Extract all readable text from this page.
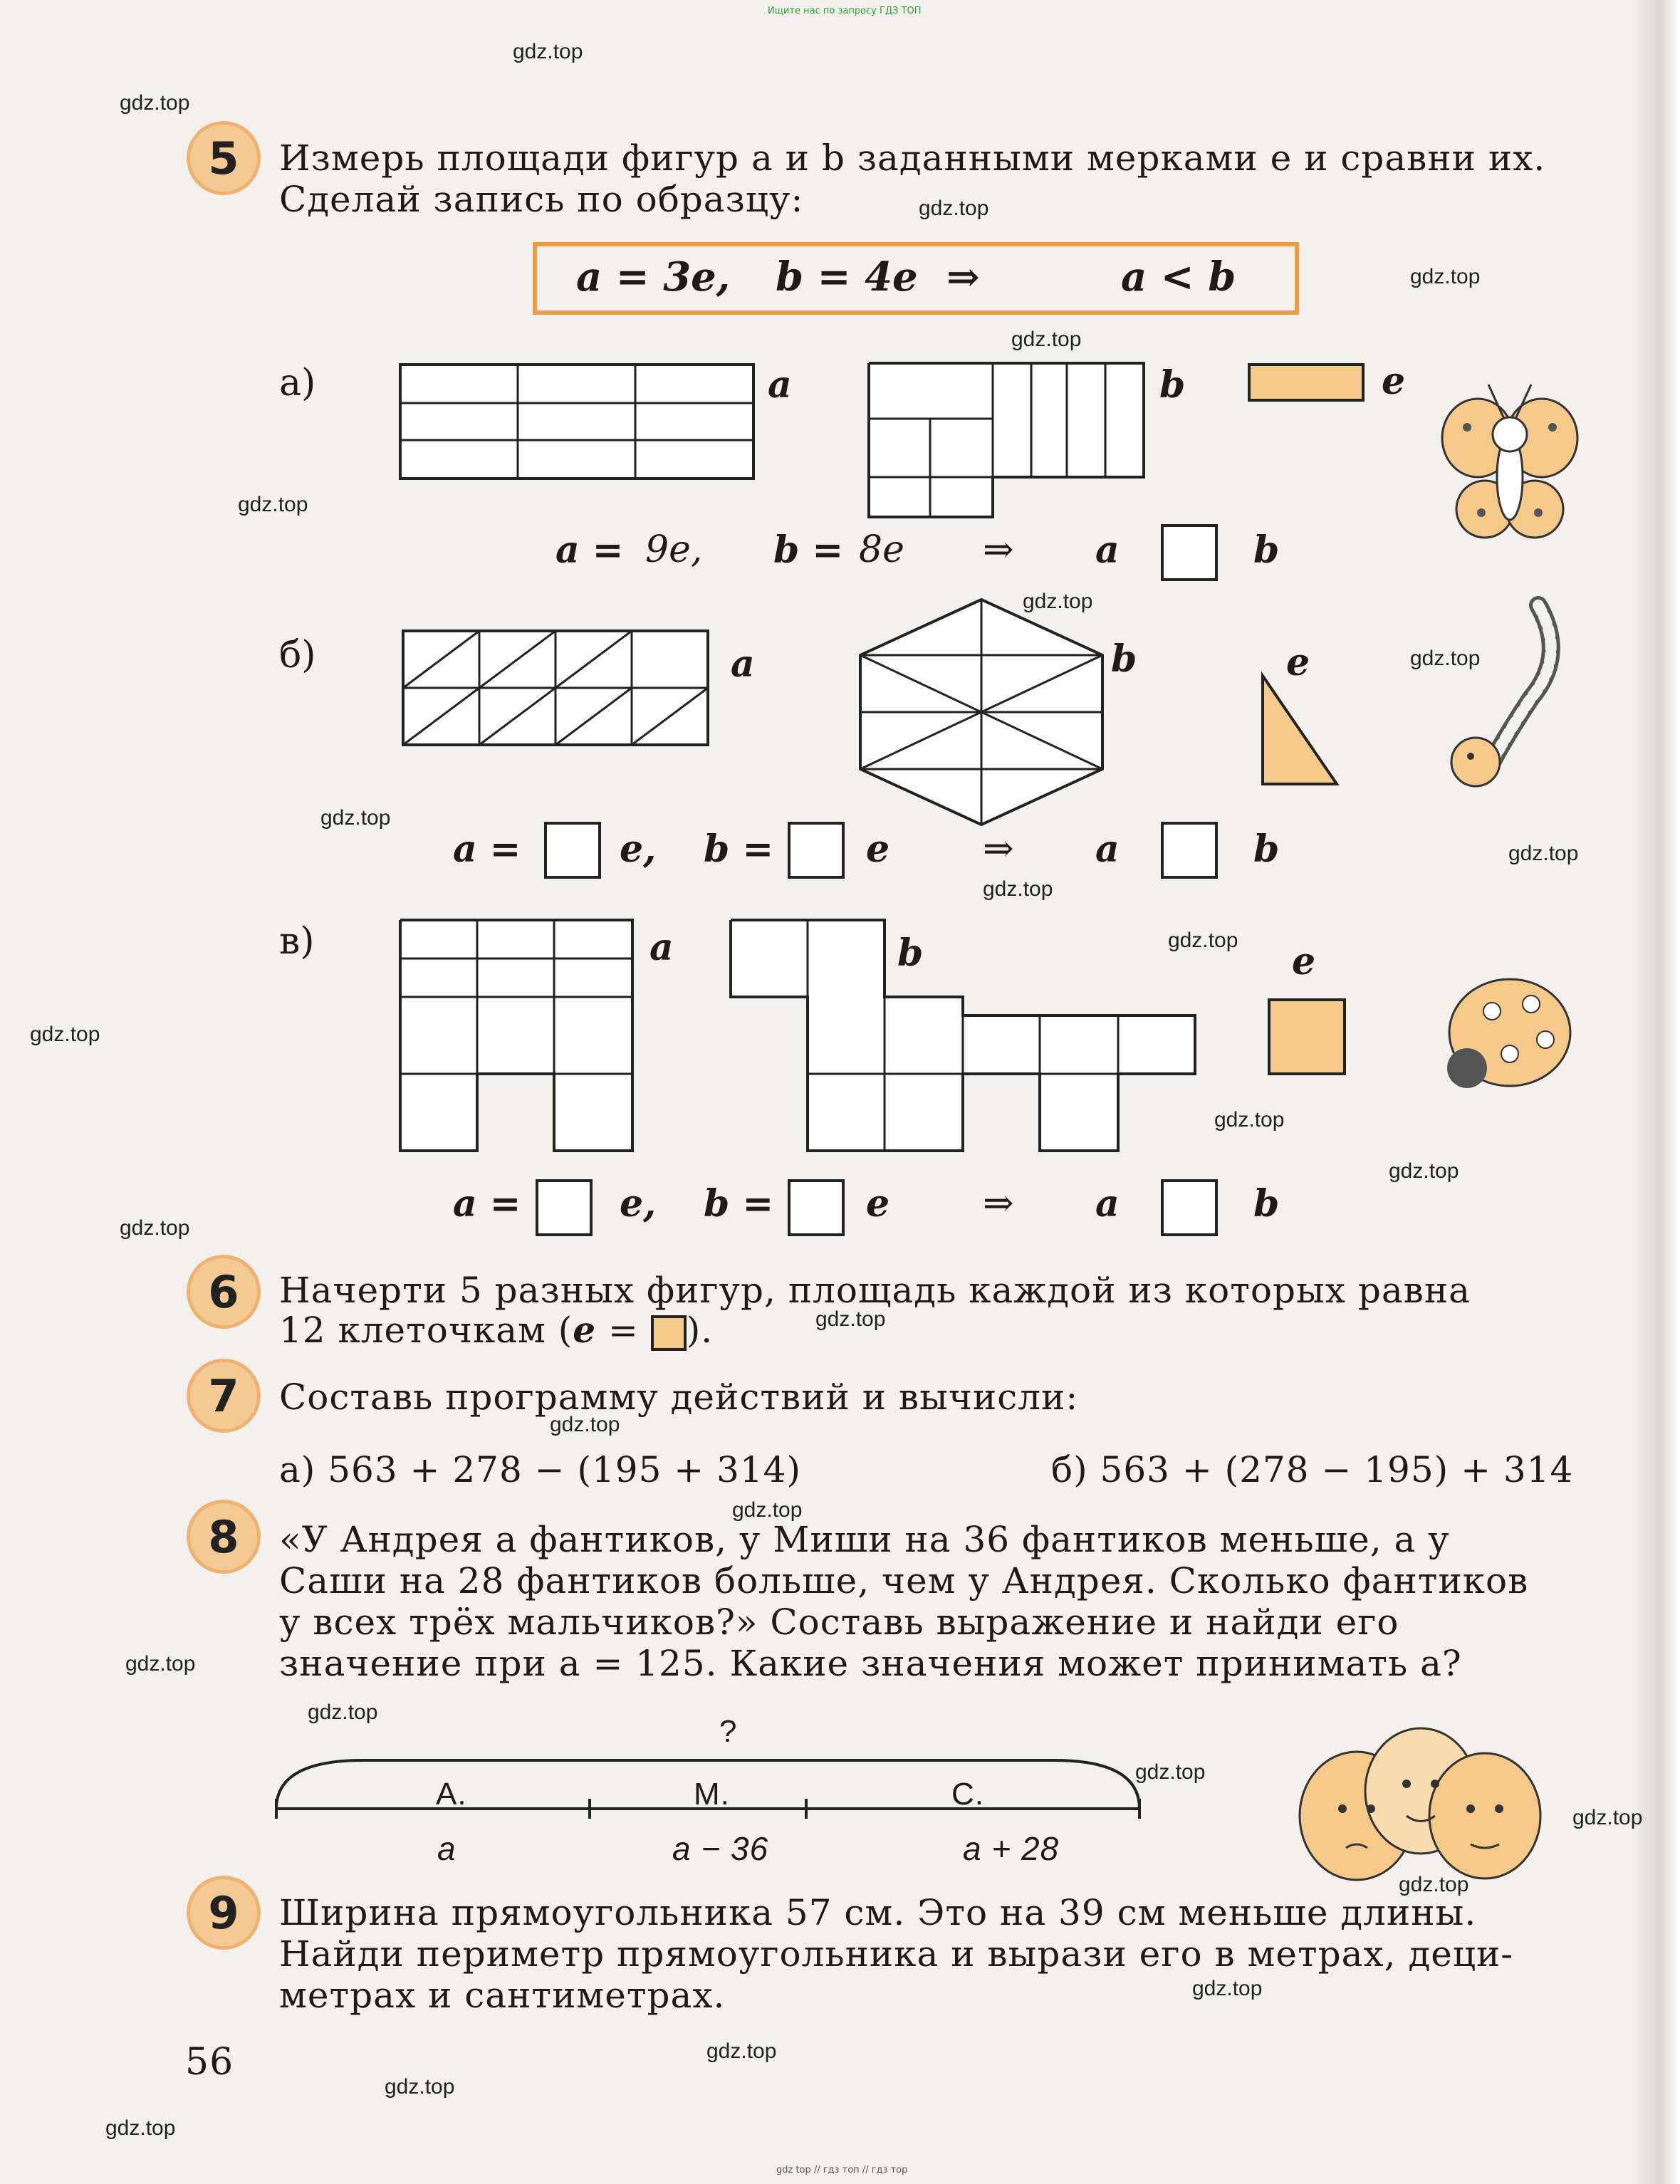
Ищите нас по запросу ГДЗ ТОП
gdz.top
gdz.top
gdz.top
gdz.top
gdz.top
gdz.top
gdz.top
gdz.top
gdz.top
gdz.top
gdz.top
gdz.top
gdz.top
gdz.top
gdz.top
gdz.top
gdz.top
gdz.top
gdz.top
gdz.top
gdz.top
gdz.top
gdz.top
gdz.top
gdz.top
gdz.top
gdz.top
gdz.top
5	Измерь площади фигур a и b заданными мерками e и сравни их.
Сделай запись по образцу:
a = 3e, b = 4e ⇒	a < b
а)	a	b	e
a = 9e, b = 8e ⇒ a	b
б)	a	b	e
a =	e, b = e	⇒ a	b
в)	a	b	e
a =	e, b = e	⇒ a	b
6	Начерти 5 разных фигур, площадь каждой из которых равна
12 клеточкам (e = ).
7	Составь программу действий и вычисли:
а) 563 + 278 − (195 + 314)	б) 563 + (278 − 195) + 314
8	«У Андрея a фантиков, у Миши на 36 фантиков меньше, а у
Саши на 28 фантиков больше, чем у Андрея. Сколько фантиков
у всех трёх мальчиков?» Составь выражение и найди его
значение при a = 125. Какие значения может принимать a?
?
А.	М.	С.
a	a − 36	a + 28
9	Ширина прямоугольника 57 см. Это на 39 см меньше длины.
Найди периметр прямоугольника и вырази его в метрах, деци-
метрах и сантиметрах.
56
gdz top // гдз топ // гдз тор
